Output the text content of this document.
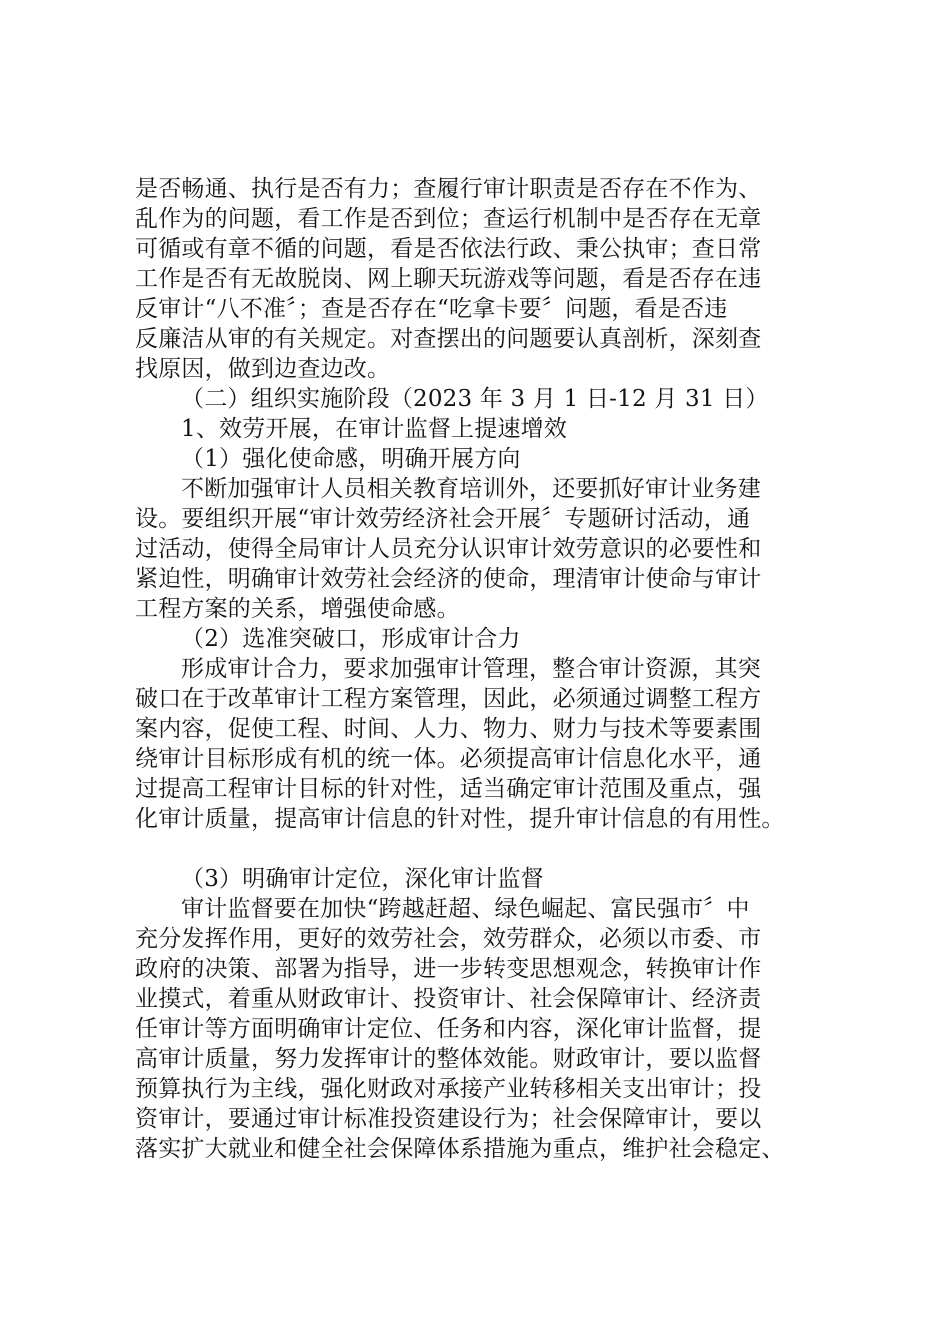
是否畅通、执行是否有力；查履行审计职责是否存在不作为、
乱作为的问题，看工作是否到位；查运行机制中是否存在无章
可循或有章不循的问题，看是否依法行政、秉公执审；查日常
工作是否有无故脱岗、网上聊天玩游戏等问题，看是否存在违
反审计“八不准〞；查是否存在“吃拿卡要〞问题，看是否违
反廉洁从审的有关规定。对查摆出的问题要认真剖析，深刻查
找原因，做到边查边改。
（二）组织实施阶段（2023 年 3 月 1 日-12 月 31 日）
1、效劳开展，在审计监督上提速增效
（1）强化使命感，明确开展方向
不断加强审计人员相关教育培训外，还要抓好审计业务建
设。要组织开展“审计效劳经济社会开展〞专题研讨活动，通
过活动，使得全局审计人员充分认识审计效劳意识的必要性和
紧迫性，明确审计效劳社会经济的使命，理清审计使命与审计
工程方案的关系，增强使命感。
（2）选准突破口，形成审计合力
形成审计合力，要求加强审计管理，整合审计资源，其突
破口在于改革审计工程方案管理，因此，必须通过调整工程方
案内容，促使工程、时间、人力、物力、财力与技术等要素围
绕审计目标形成有机的统一体。必须提高审计信息化水平，通
过提高工程审计目标的针对性，适当确定审计范围及重点，强
化审计质量，提高审计信息的针对性，提升审计信息的有用性。
（3）明确审计定位，深化审计监督
审计监督要在加快“跨越赶超、绿色崛起、富民强市〞中
充分发挥作用，更好的效劳社会，效劳群众，必须以市委、市
政府的决策、部署为指导，进一步转变思想观念，转换审计作
业摸式，着重从财政审计、投资审计、社会保障审计、经济责
任审计等方面明确审计定位、任务和内容，深化审计监督，提
高审计质量，努力发挥审计的整体效能。财政审计，要以监督
预算执行为主线，强化财政对承接产业转移相关支出审计；投
资审计，要通过审计标准投资建设行为；社会保障审计，要以
落实扩大就业和健全社会保障体系措施为重点，维护社会稳定、
